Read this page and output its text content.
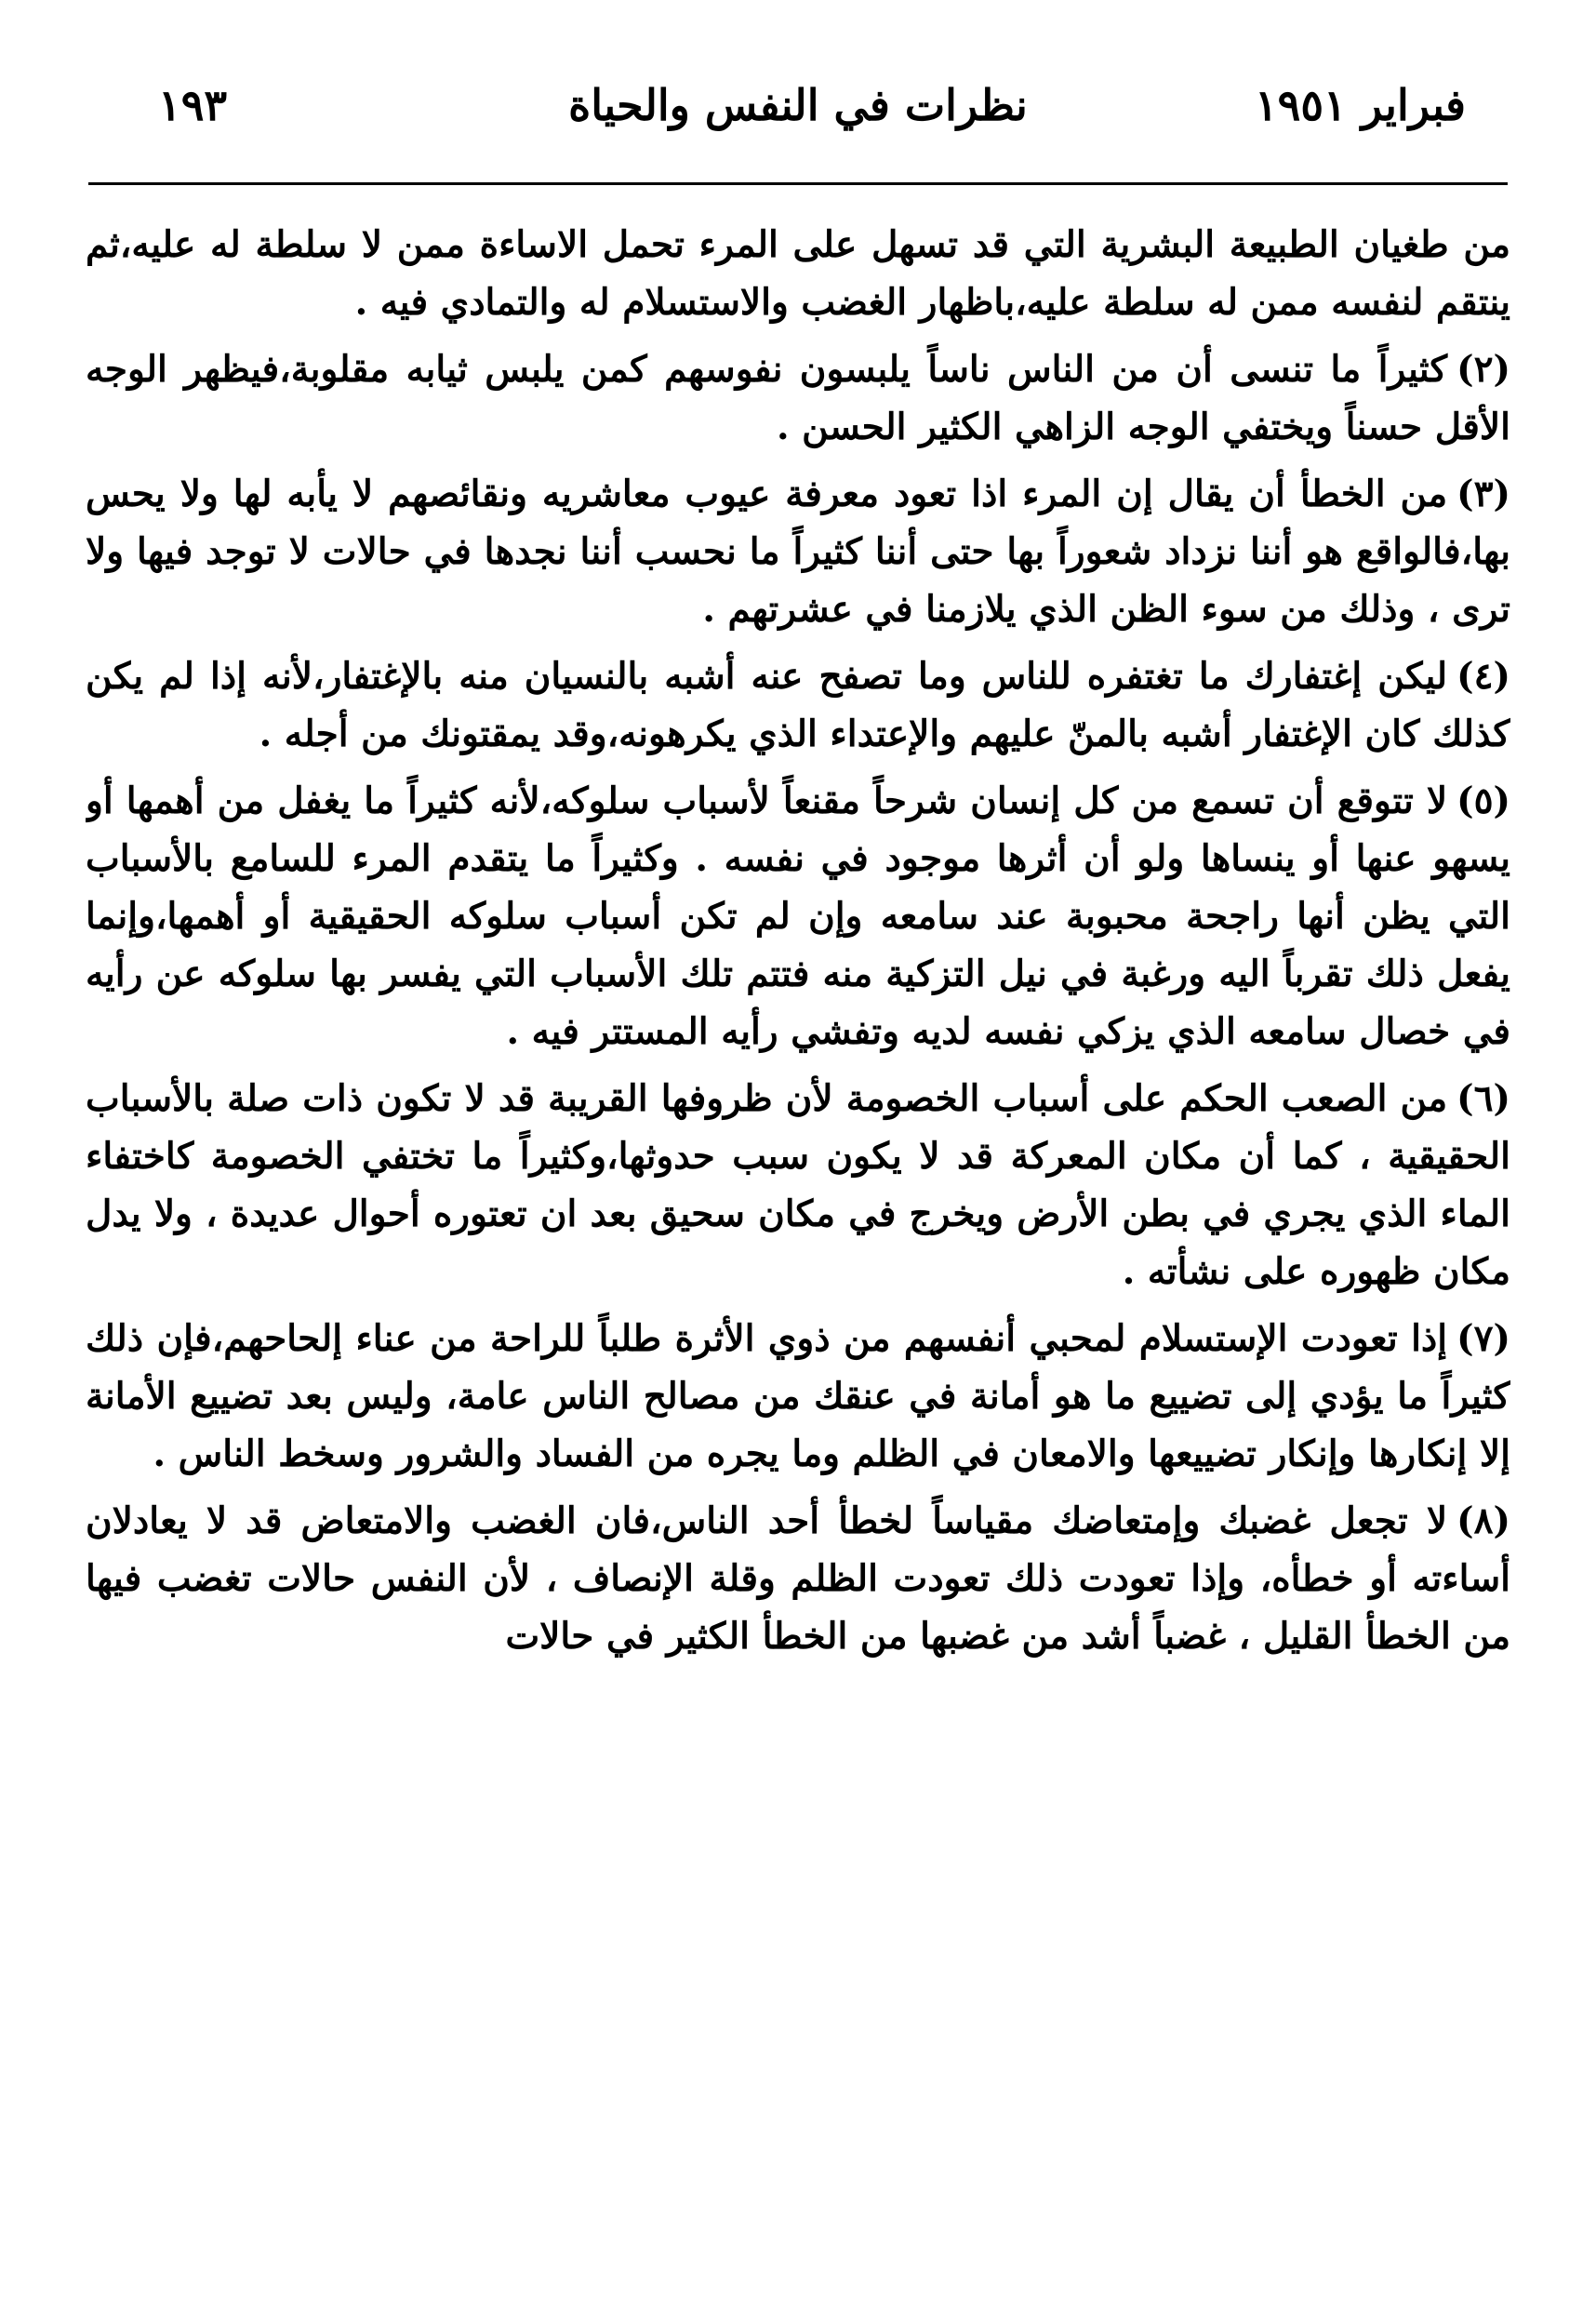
فبراير ١٩٥١
نظرات في النفس والحياة
١٩٣

من طغيان الطبيعة البشرية التي قد تسهل على المرء تحمل الاساءة ممن لا سلطة له عليه،ثم ينتقم لنفسه ممن له سلطة عليه،باظهار الغضب والاستسلام له والتمادي فيه .

(٢)كثيراً ما تنسى أن من الناس ناساً يلبسون نفوسهم كمن يلبس ثيابه مقلوبة،فيظهر الوجه الأقل حسناً ويختفي الوجه الزاهي الكثير الحسن .

(٣)من الخطأ أن يقال إن المرء اذا تعود معرفة عيوب معاشريه ونقائصهم لا يأبه لها ولا يحس بها،فالواقع هو أننا نزداد شعوراً بها حتى أننا كثيراً ما نحسب أننا نجدها في حالات لا توجد فيها ولا ترى ، وذلك من سوء الظن الذي يلازمنا في عشرتهم .

(٤)ليكن إغتفارك ما تغتفره للناس وما تصفح عنه أشبه بالنسيان منه بالإغتفار،لأنه إذا لم يكن كذلك كان الإغتفار أشبه بالمنّ عليهم والإعتداء الذي يكرهونه،وقد يمقتونك من أجله .

(٥)لا تتوقع أن تسمع من كل إنسان شرحاً مقنعاً لأسباب سلوكه،لأنه كثيراً ما يغفل من أهمها أو يسهو عنها أو ينساها ولو أن أثرها موجود في نفسه . وكثيراً ما يتقدم المرء للسامع بالأسباب التي يظن أنها راجحة محبوبة عند سامعه وإن لم تكن أسباب سلوكه الحقيقية أو أهمها،وإنما يفعل ذلك تقرباً اليه ورغبة في نيل التزكية منه فتتم تلك الأسباب التي يفسر بها سلوكه عن رأيه في خصال سامعه الذي يزكي نفسه لديه وتفشي رأيه المستتر فيه .

(٦)من الصعب الحكم على أسباب الخصومة لأن ظروفها القريبة قد لا تكون ذات صلة بالأسباب الحقيقية ، كما أن مكان المعركة قد لا يكون سبب حدوثها،وكثيراً ما تختفي الخصومة كاختفاء الماء الذي يجري في بطن الأرض ويخرج في مكان سحيق بعد ان تعتوره أحوال عديدة ، ولا يدل مكان ظهوره على نشأته .

(٧)إذا تعودت الإستسلام لمحبي أنفسهم من ذوي الأثرة طلباً للراحة من عناء إلحاحهم،فإن ذلك كثيراً ما يؤدي إلى تضييع ما هو أمانة في عنقك من مصالح الناس عامة، وليس بعد تضييع الأمانة إلا إنكارها وإنكار تضييعها والامعان في الظلم وما يجره من الفساد والشرور وسخط الناس .

(٨)لا تجعل غضبك وإمتعاضك مقياساً لخطأ أحد الناس،فان الغضب والامتعاض قد لا يعادلان أساءته أو خطأه، وإذا تعودت ذلك تعودت الظلم وقلة الإنصاف ، لأن النفس حالات تغضب فيها من الخطأ القليل ، غضباً أشد من غضبها من الخطأ الكثير في حالات
